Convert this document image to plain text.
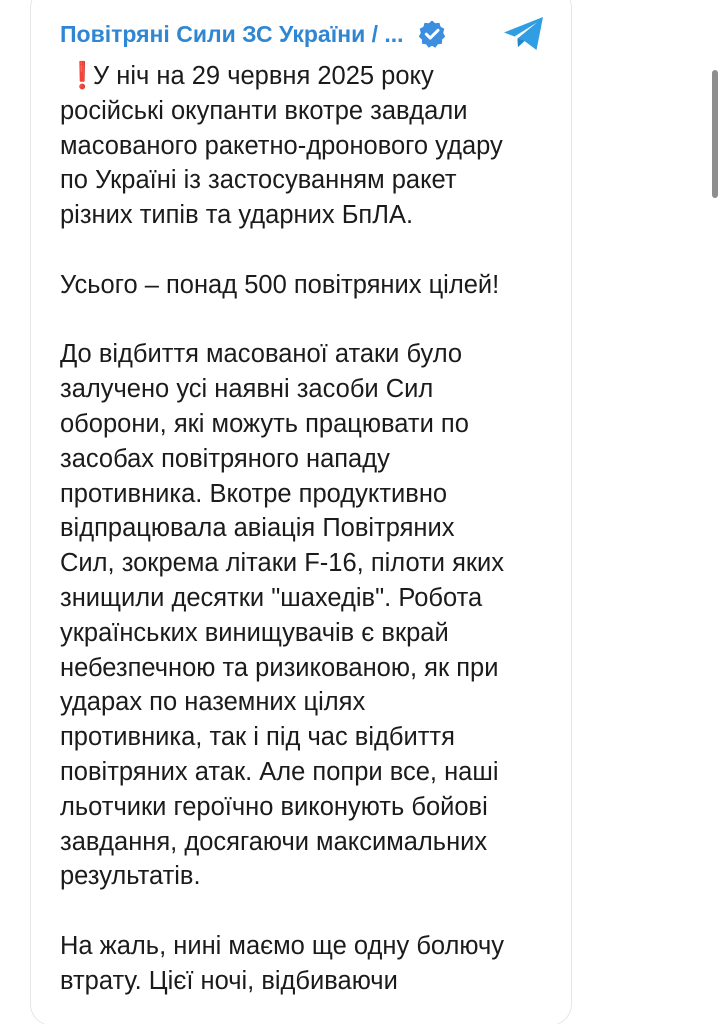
Повітряні Сили ЗС України / ...

❗У ніч на 29 червня 2025 року
російські окупанти вкотре завдали
масованого ракетно-дронового удару
по Україні із застосуванням ракет
різних типів та ударних БпЛА.

Усього – понад 500 повітряних цілей!

До відбиття масованої атаки було
залучено усі наявні засоби Сил
оборони, які можуть працювати по
засобах повітряного нападу
противника. Вкотре продуктивно
відпрацювала авіація Повітряних
Сил, зокрема літаки F-16, пілоти яких
знищили десятки "шахедів". Робота
українських винищувачів є вкрай
небезпечною та ризикованою, як при
ударах по наземних цілях
противника, так і під час відбиття
повітряних атак. Але попри все, наші
льотчики героїчно виконують бойові
завдання, досягаючи максимальних
результатів.

На жаль, нині маємо ще одну болючу
втрату. Цієї ночі, відбиваючи
